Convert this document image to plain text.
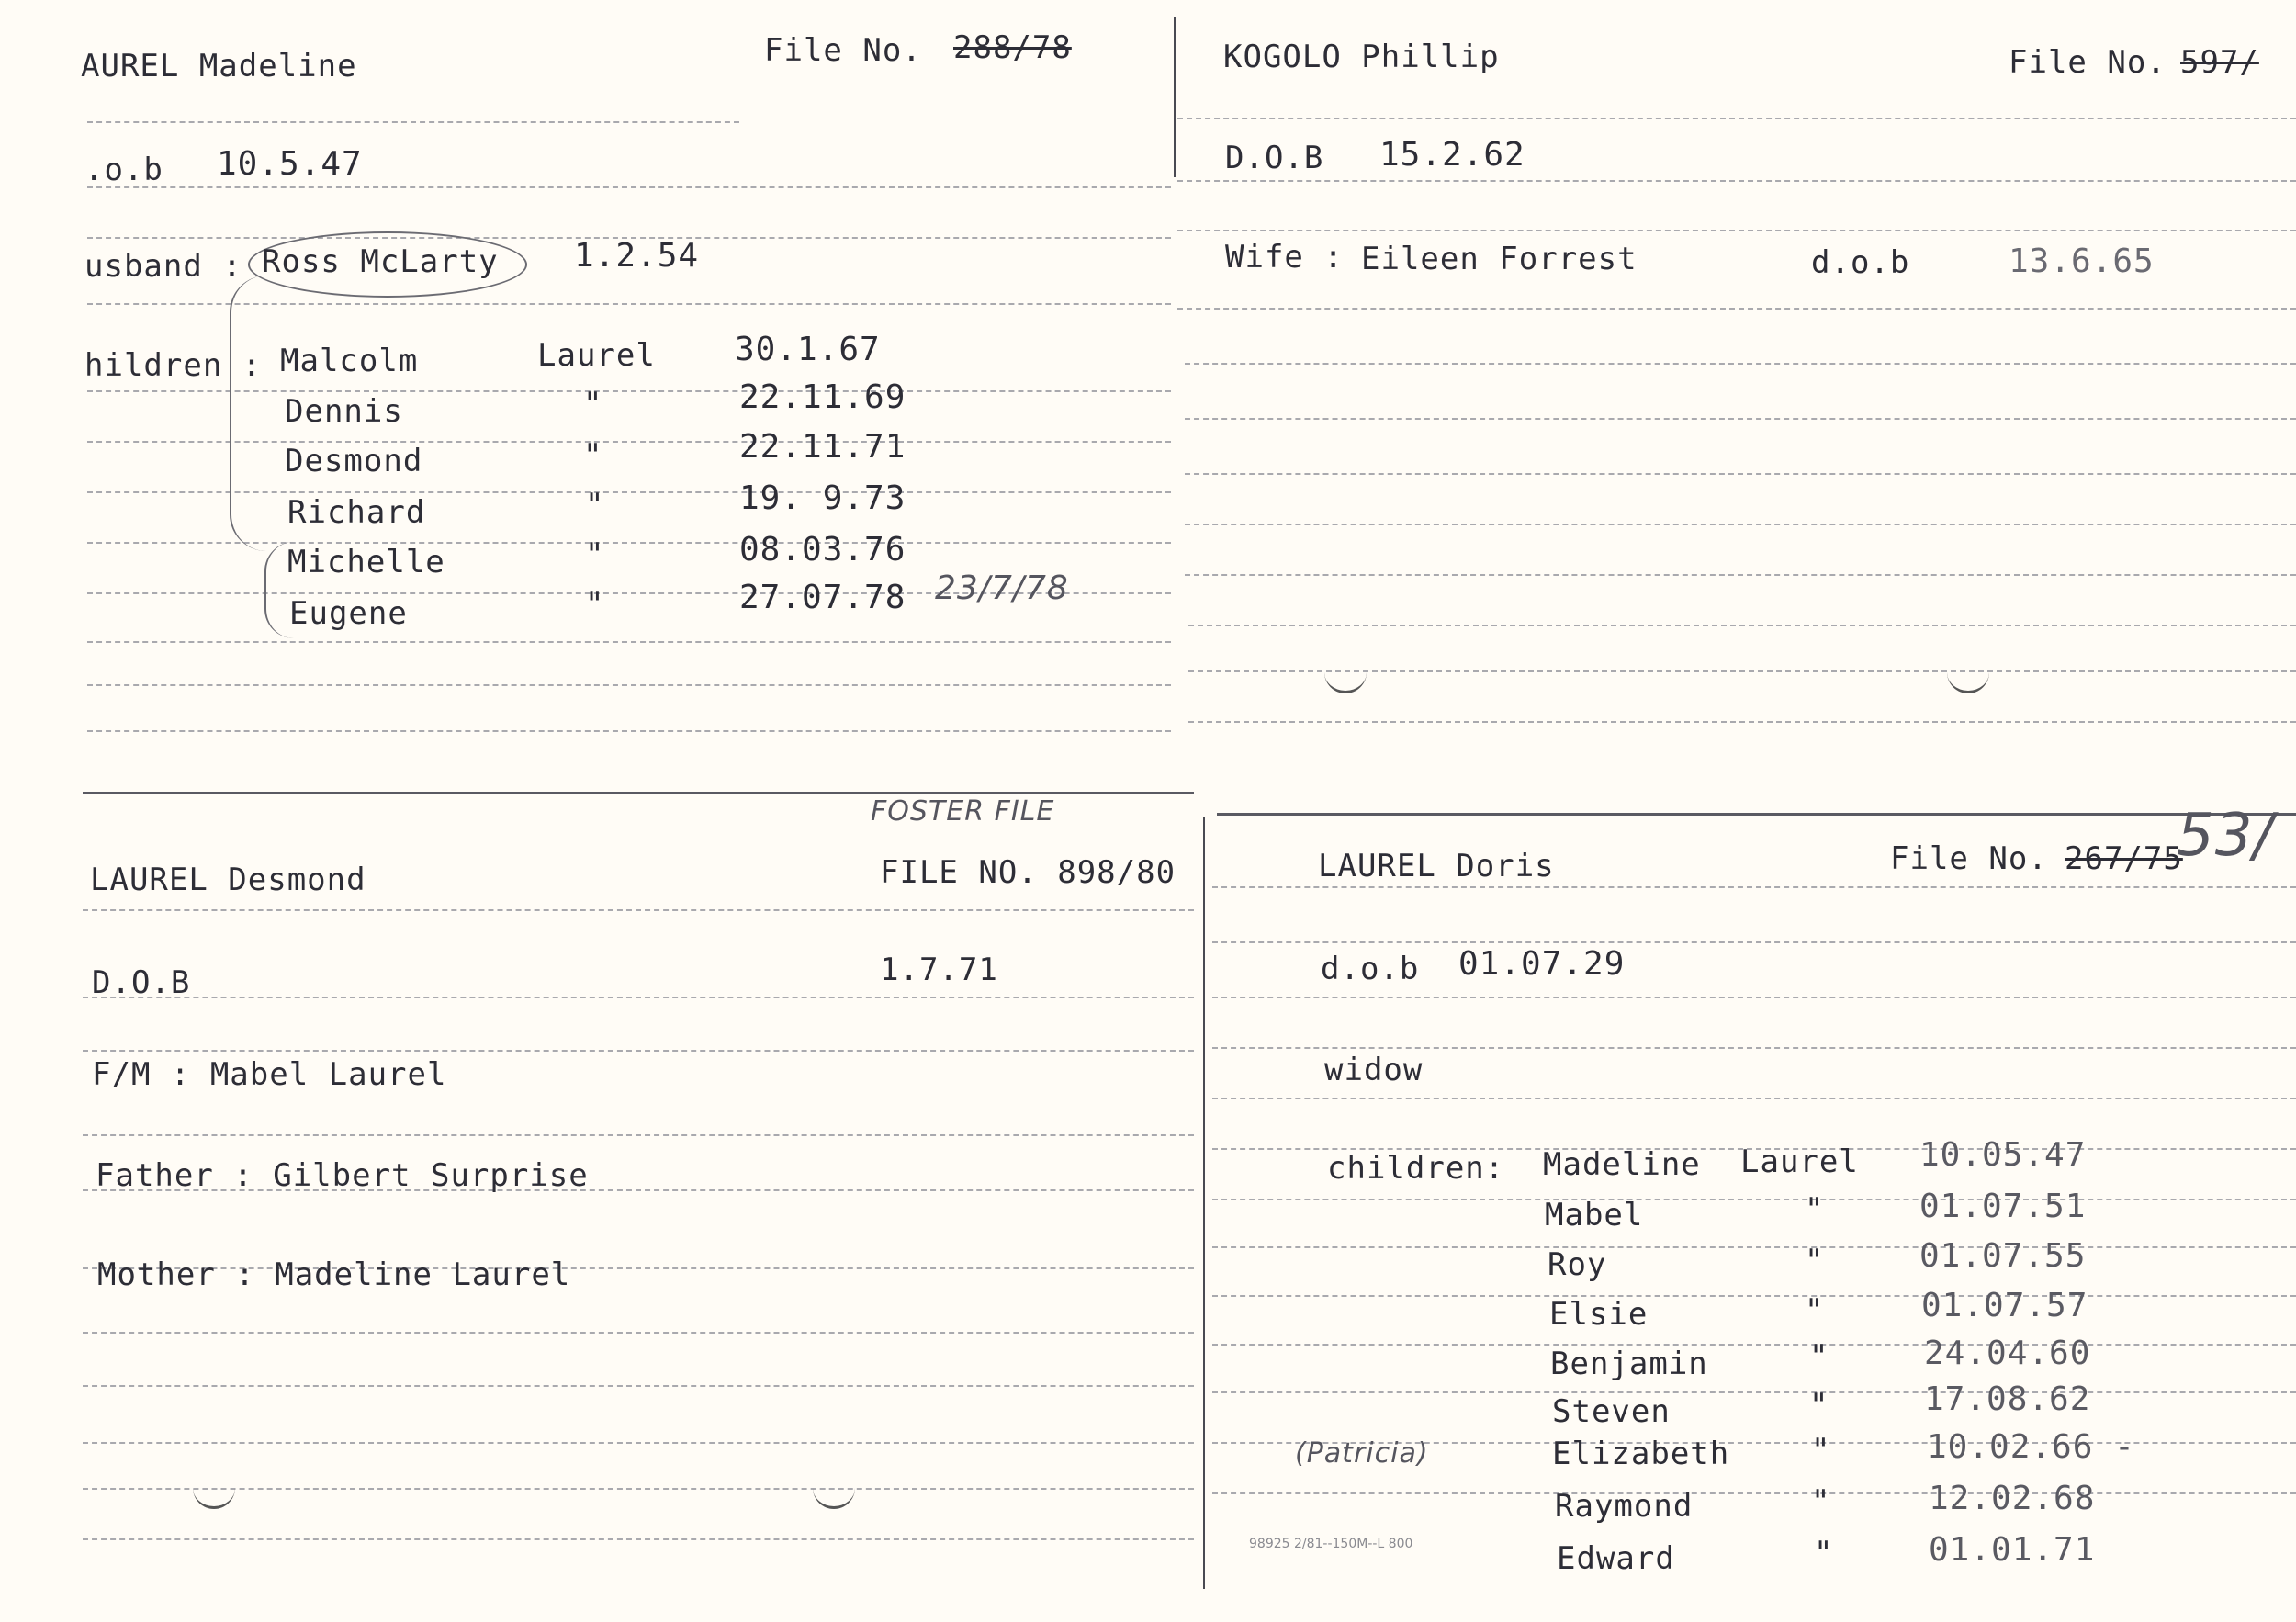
AUREL Madeline	File No. 288/78
.o.b 10.5.47
usband : Ross McLarty 1.2.54
hildren : Malcolm	Laurel 30.1.67
Dennis	"	22.11.69
Desmond	"	22.11.71
Richard	"	19. 9.73
Michelle	"	08.03.76
Eugene	"	27.07.78 23/7/78
KOGOLO Phillip	File No. 597/
D.O.B 15.2.62
Wife : Eileen Forrest	d.o.b	13.6.65
FOSTER FILE
LAUREL Desmond	FILE NO. 898/80
D.O.B	1.7.71
F/M : Mabel Laurel
Father : Gilbert Surprise
Mother : Madeline Laurel
LAUREL Doris	File No. 267/75
53/
d.o.b 01.07.29
widow
children: Madeline Laurel 10.05.47
Mabel	"	01.07.51
Roy	"	01.07.55
Elsie	"	01.07.57
Benjamin	"	24.04.60
Steven	"	17.08.62
(Patricia)	Elizabeth	"	10.02.66 -
Raymond	"	12.02.68
Edward	"	01.01.71
98925 2/81--150M--L 800
